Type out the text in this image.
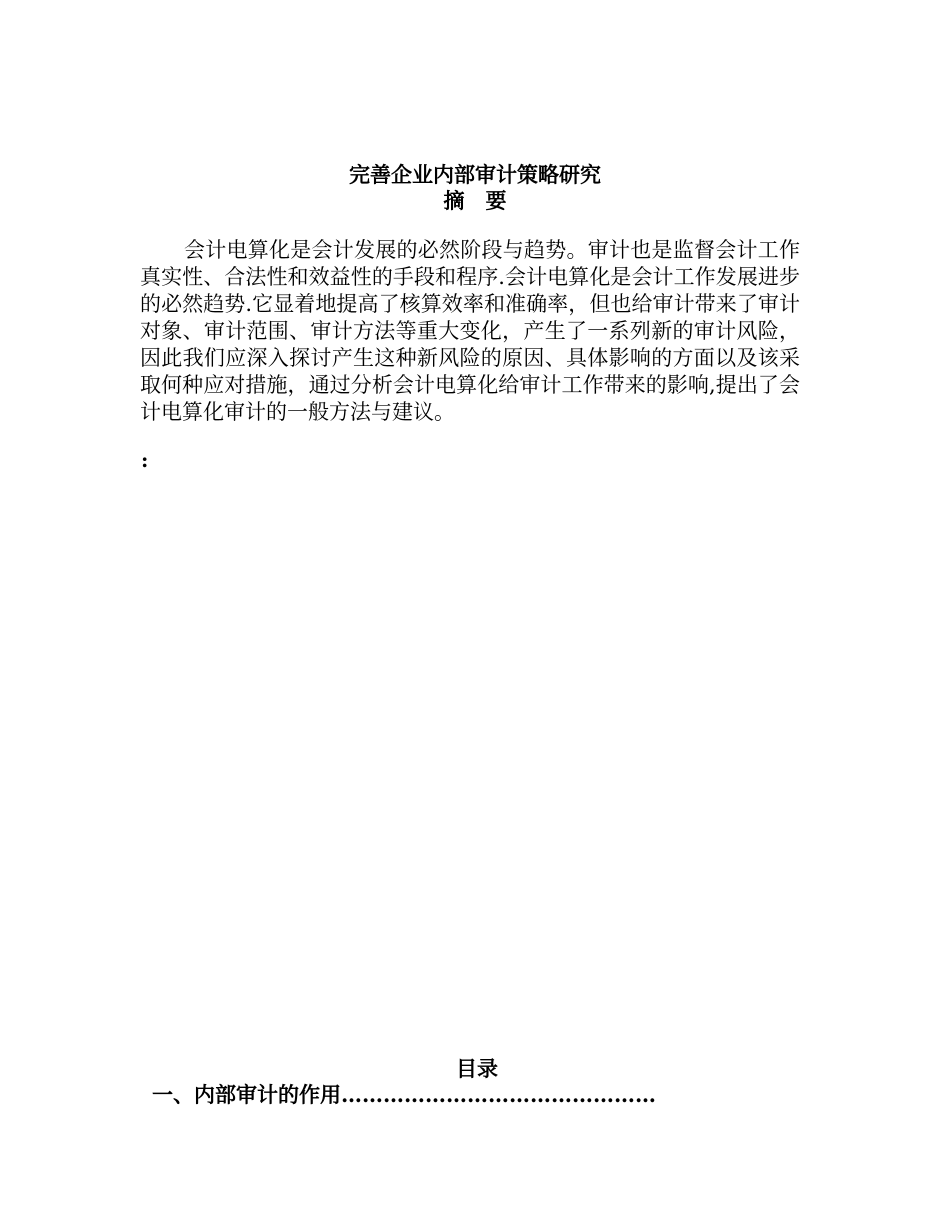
完善企业内部审计策略研究
摘　要

会计电算化是会计发展的必然阶段与趋势。审计也是监督会计工作真实性、合法性和效益性的手段和程序.会计电算化是会计工作发展进步的必然趋势.它显着地提高了核算效率和准确率，但也给审计带来了审计对象、审计范围、审计方法等重大变化，产生了一系列新的审计风险，因此我们应深入探讨产生这种新风险的原因、具体影响的方面以及该采取何种应对措施，通过分析会计电算化给审计工作带来的影响,提出了会计电算化审计的一般方法与建议。

:
目录
一、内部审计的作用………………………………………
